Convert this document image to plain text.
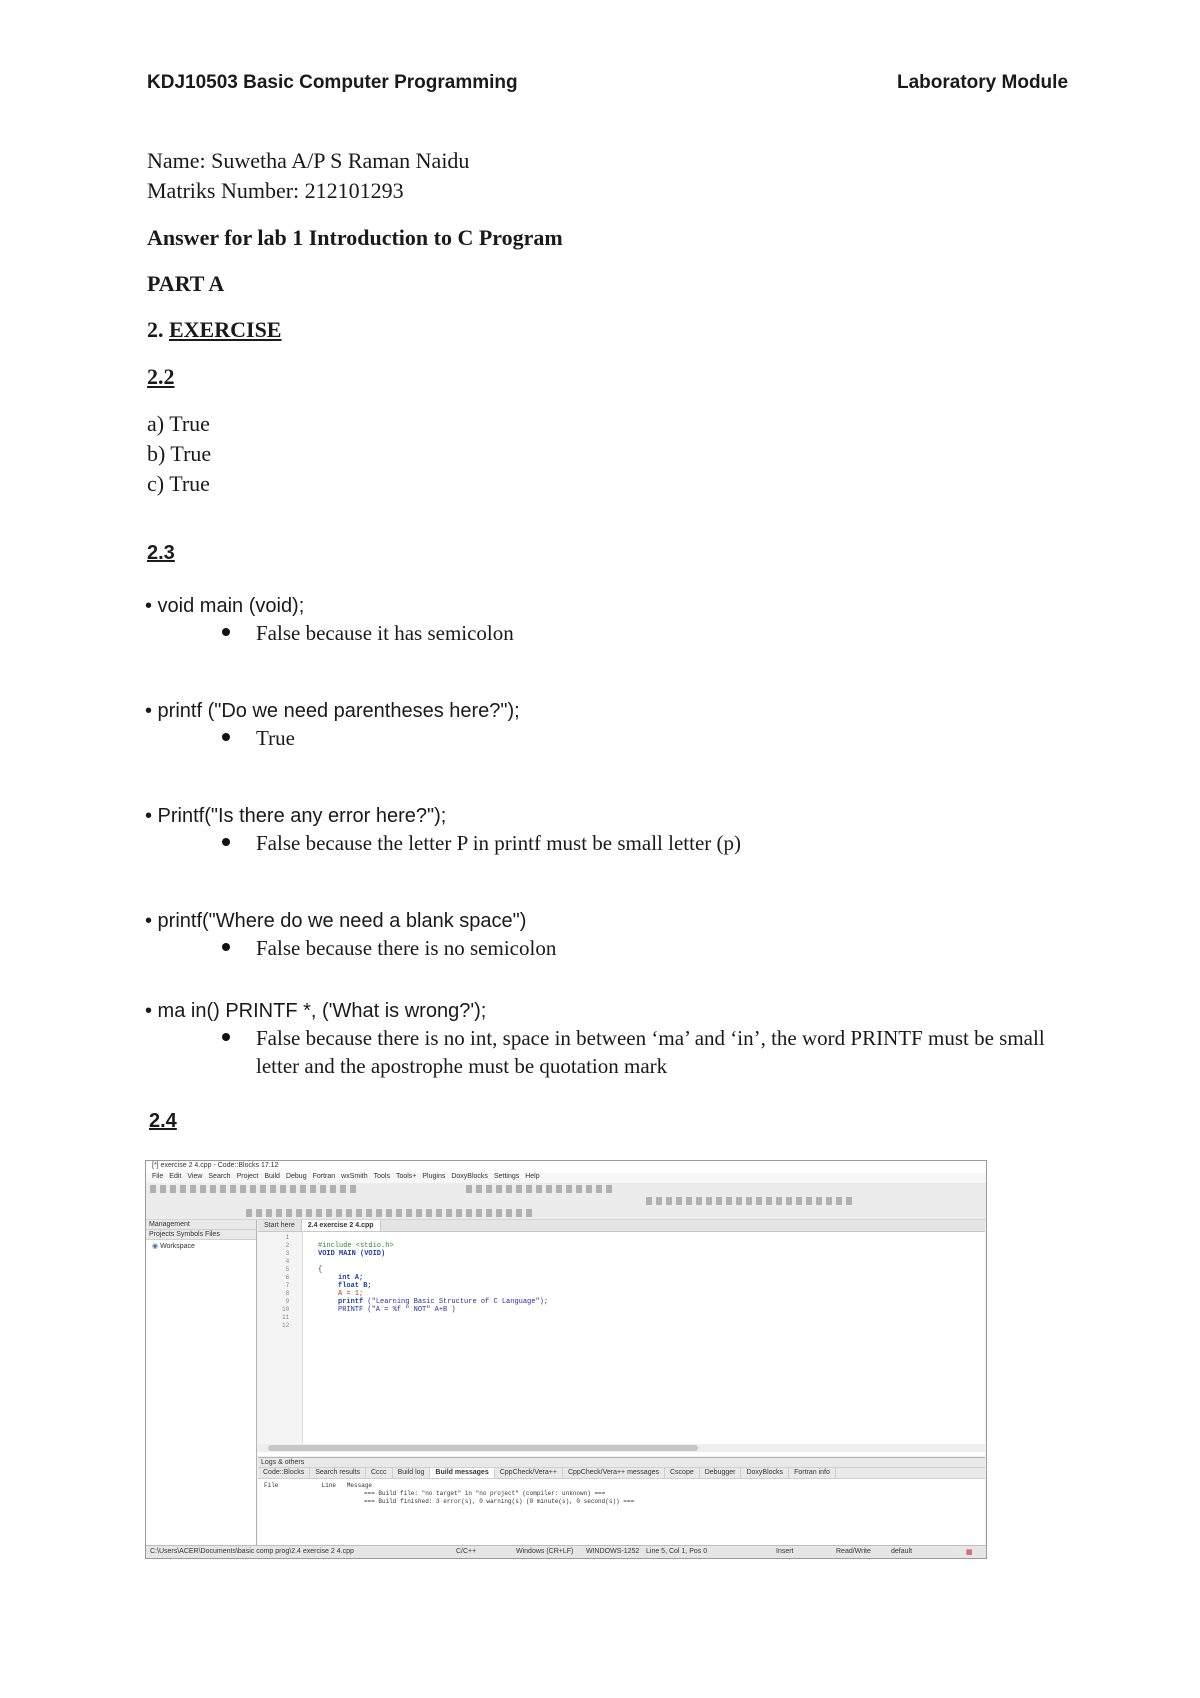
KDJ10503 Basic Computer Programming	Laboratory Module

Name: Suwetha A/P S Raman Naidu

Matriks Number: 212101293

Answer for lab 1 Introduction to C Program

PART A

2. EXERCISE

2.2

a) True

b) True

c) True

2.3

• void main (void);

False because it has semicolon

• printf ("Do we need parentheses here?");

True

• Printf("Is there any error here?");

False because the letter P in printf must be small letter (p)

• printf("Where do we need a blank space")

False because there is no semicolon

• ma in() PRINTF *, ('What is wrong?');

False because there is no int, space in between ‘ma’ and ‘in’, the word PRINTF must be small letter and the apostrophe must be quotation mark

2.4

[*] exercise 2 4.cpp - Code::Blocks 17.12
File Edit View Search Project Build Debug Fortran wxSmith Tools Tools+ Plugins DoxyBlocks Settings Help
Management
Projects Symbols Files
◉ Workspace
Start here 2.4 exercise 2 4.cpp
1
2
3
4
5
6
7
8
9
10
11
12

#include <stdio.h>
VOID MAIN (VOID)

{
int A;
float B;
A = 1;
printf ("Learning Basic Structure of C Language");
PRINTF ("A = %f " NOT" A+B )
Logs & others
Code::Blocks Search results Cccc Build log Build messages CppCheck/Vera++ CppCheck/Vera++ messages Cscope Debugger DoxyBlocks Fortran info
File            Line   Message
=== Build file: "no target" in "no project" (compiler: unknown) ===
=== Build finished: 3 error(s), 0 warning(s) (0 minute(s), 0 second(s)) ===
C:\Users\ACER\Documents\basic comp prog\2.4 exercise 2 4.cpp	C/C++	Windows (CR+LF) WINDOWS-1252 Line 5, Col 1, Pos 0	Insert	Read/Write	default	▦
